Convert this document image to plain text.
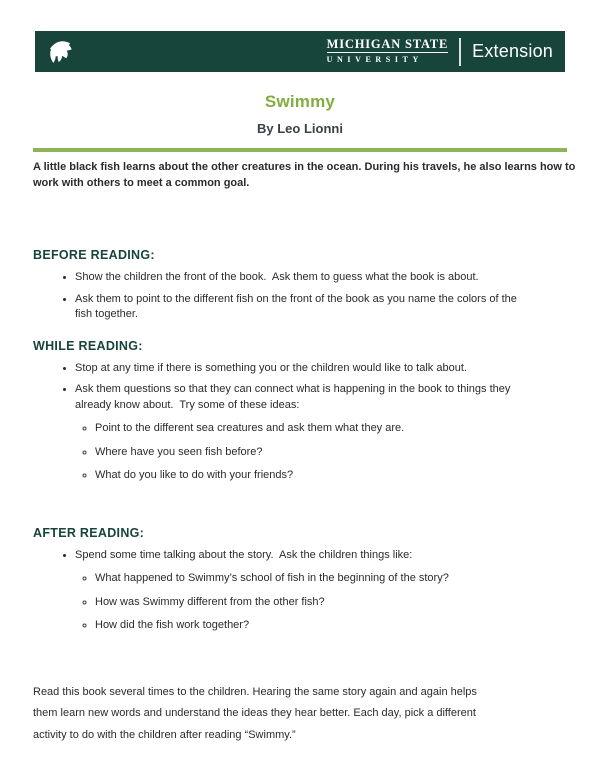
MICHIGAN STATE
UNIVERSITY	Extension
Swimmy
By Leo Lionni
A little black fish learns about the other creatures in the ocean. During his travels, he also learns how to work with others to meet a common goal.
BEFORE READING:
• Show the children the front of the book.  Ask them to guess what the book is about.
• Ask them to point to the different fish on the front of the book as you name the colors of the fish together.
WHILE READING:
• Stop at any time if there is something you or the children would like to talk about.
• Ask them questions so that they can connect what is happening in the book to things they already know about.  Try some of these ideas:
◦ Point to the different sea creatures and ask them what they are.
◦ Where have you seen fish before?
◦ What do you like to do with your friends?
AFTER READING:
• Spend some time talking about the story.  Ask the children things like:
◦ What happened to Swimmy’s school of fish in the beginning of the story?
◦ How was Swimmy different from the other fish?
◦ How did the fish work together?
Read this book several times to the children. Hearing the same story again and again helps them learn new words and understand the ideas they hear better. Each day, pick a different activity to do with the children after reading “Swimmy.”
